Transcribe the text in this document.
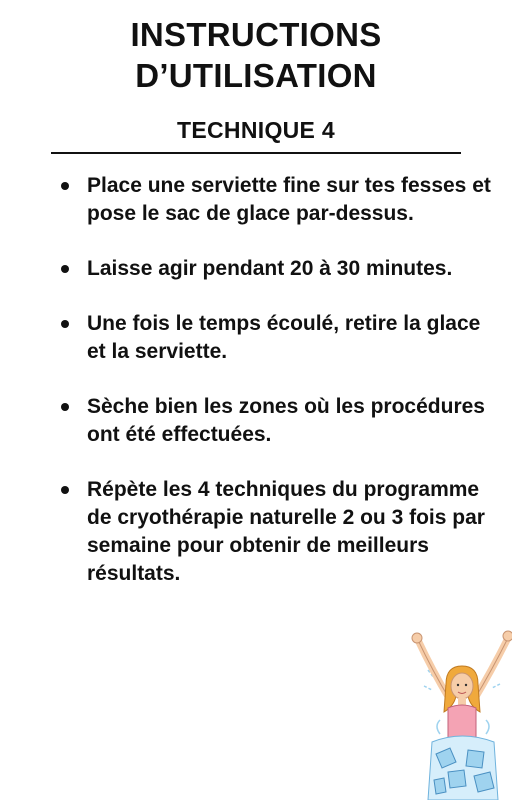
INSTRUCTIONS
D’UTILISATION
TECHNIQUE 4
Place une serviette fine sur tes fesses et pose le sac de glace par-dessus.
Laisse agir pendant 20 à 30 minutes.
Une fois le temps écoulé, retire la glace et la serviette.
Sèche bien les zones où les procédures ont été effectuées.
Répète les 4 techniques du programme de cryothérapie naturelle 2 ou 3 fois par semaine pour obtenir de meilleurs résultats.
